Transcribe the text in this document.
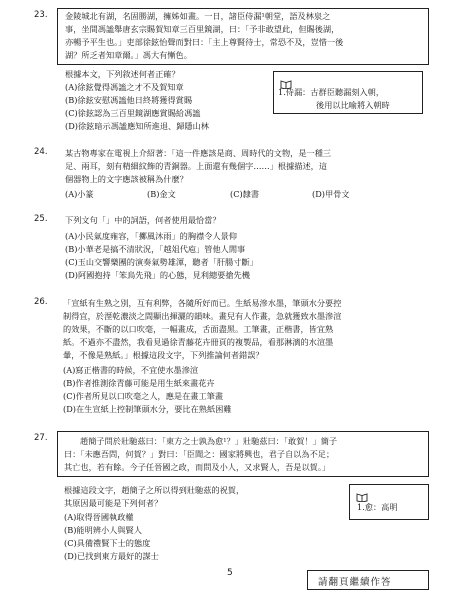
23. 金陵城北有湖，名固勝湖，擁姊如畫。一日，諸臣侍漏¹朝堂，語及林泉之
事，坐間馮謐舉唐玄宗賜賀知章三百里鏡湖，曰：「予非敢望此，但賜後湖，
亦暢予平生也。」吏部徐鉉怡聲而對曰：「主上尊賢待士，常恐不及，豈惜一後
湖？所乏者知章爾。」馮大有慚色。
根據本文，下列敘述何者正確？
1.侍漏：古群臣聽漏刻入朝，
後用以比喻將入朝時
(A)徐鉉覺得馮謐之才不及賀知章
(B)徐鉉安慰馮謐他日終將獲得賞賜
(C)徐鉉認為三百里鏡湖應賞賜給馮謐
(D)徐鉉暗示馮謐應知所進退、歸隱山林
24. 某古物專家在電視上介紹著：「這一件應該是商、周時代的文物，是一種三
足、兩耳，刻有精細紋飾的青銅器。上面還有幾個字……」根據描述，這
個器物上的文字應該被稱為什麼？
(A)小篆	(B)金文	(C)隸書	(D)甲骨文
25. 下列文句「」中的詞語，何者使用最恰當？
(A)小民氣度雍容，「擲風沐雨」的胸襟令人景仰
(B)小華老是搞不清狀況，「越俎代庖」管他人閒事
(C)玉山交響樂團的演奏氣勢雄渾，聽者「肝腸寸斷」
(D)阿國抱持「笨鳥先飛」的心態，見利總要搶先機
26. 「宣紙有生熟之別，互有利弊，各隨所好而已。生紙易滲水墨，筆頭水分要控
制得宜，於溼乾濃淡之間顯出揮灑的韻味。畫兒有人作畫，急就獲致水墨滲渲
的效果，不斷的以口吹毫，一幅畫成，舌面盡黑。工筆畫，正楷書，皆宜熟
紙。不過亦不盡然，我看見過徐青藤花卉冊頁的複製品，看那淋漓的水渲墨
暈，不像是熟紙。」根據這段文字，下列推論何者錯誤？
(A)寫正楷書的時候，不宜使水墨滲渲
(B)作者推測徐青藤可能是用生紙來畫花卉
(C)作者所見以口吹毫之人，應是在畫工筆畫
(D)在生宣紙上控制筆頭水分，要比在熟紙困難
27.	趙簡子問於壯馳茲曰：「東方之士孰為愈¹？」壯馳茲曰：「敢賀！」簡子
曰：「未應吾問，何賀？」對曰：「臣聞之：國家將興也，君子自以為不足；
其亡也，若有餘。今子任晉國之政，而問及小人，又求賢人，吾是以賀。」
根據這段文字，趙簡子之所以得到壯馳茲的祝賀，
其原因最可能是下列何者？	1.愈：高明
(A)取得晉國執政權
(B)能明辨小人與賢人
(C)具備禮賢下士的態度
(D)已找到東方最好的謀士
5
請翻頁繼續作答
